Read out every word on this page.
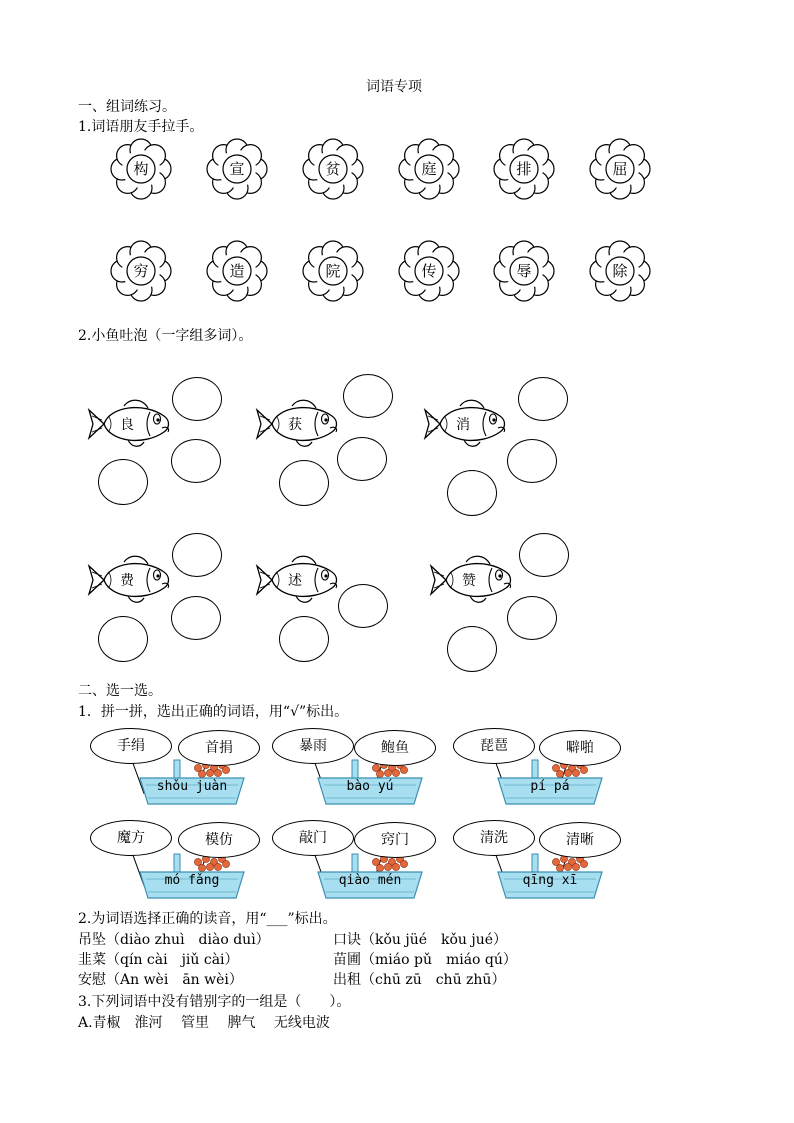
词语专项
一、组词练习。
1.词语朋友手拉手。
构	宣	贫	庭	排	屈
穷	造	院	传	辱	除
2.小鱼吐泡（一字组多词）。
良	获	消
费	述	赞
二、选一选。
1．拼一拼，选出正确的词语，用“√”标出。
shǒu juàn
手绢	首捐
bào yú
暴雨	鲍鱼
pí pá
琵琶	噼啪
mó fǎng
魔方	模仿
qiào mén
敲门	窍门
qīng xī
清洗	清晰
2.为词语选择正确的读音，用“___”标出。
吊坠（diào zhuì　diào duì）	口诀（kǒu jüé　kǒu jué）
韭菜（qín cài　jiǔ cài）	苗圃（miáo pǔ　miáo qú）
安慰（An wèi　ān wèi）	出租（chū zū　chū zhū）
3.下列词语中没有错别字的一组是（　　）。
A.青椒　淮河　 管里　 脾气　 无线电波
